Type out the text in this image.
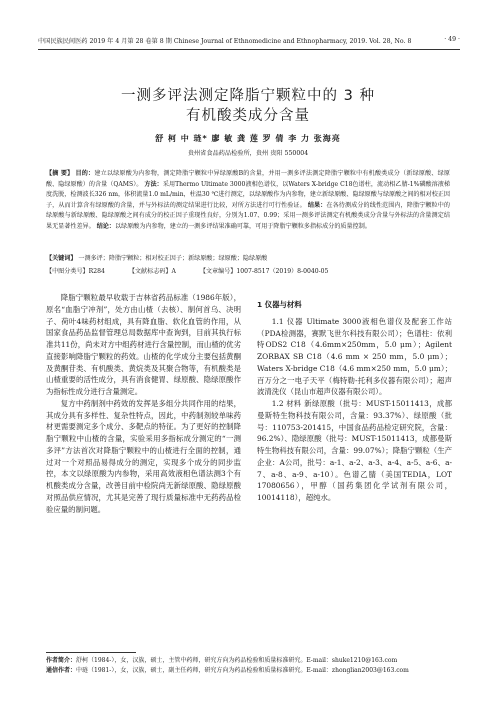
中国民族民间医药 2019 年 4 月第 28 卷第 8 期 Chinese Journal of Ethnomedicine and Ethnopharmacy, 2019. Vol. 28, No. 8	· 49 ·
一测多评法测定降脂宁颗粒中的 3 种
有机酸类成分含量
舒 柯 中 琏* 廖 敏 龚 莲 罗 倩 李 力 张海亮
贵州省食品药品检验所，贵州 贵阳 550004
【摘 要】 目的：建立以绿原酸为内参物，测定降脂宁颗粒中异绿原酸B的含量，并用一测多评法测定降脂宁颗粒中有机酸类成分（新绿原酸、绿原酸、隐绿原酸）的含量（QAMS）。 方法：采用Thermo Ultimate 3000液相色谱仪，以Waters X-bridge C18色谱柱，流动相乙腈-1%磷酸溶液梯度洗脱，检测波长326 nm，体积流量1.0 mL/min，柱温30 ℃进行测定，以绿原酸作为内参物，建立新绿原酸、隐绿原酸与绿原酸之间的相对校正因子，从而计算含有绿原酸的含量，并与外标法的测定结果进行比较，对所方法进行可行性验证。 结果：在各待测成分的线性范围内，降脂宁颗粒中的绿原酸与新绿原酸、隐绿原酸之间有成分的校正因子重现性良好，分别为1.07、0.99；采用一测多评法测定有机酸类成分含量与外标法的含量测定结果无显著性差异。 结论：以绿原酸为内参物，建立的一测多评结果准确可靠，可用于降脂宁颗粒多指标成分的质量控制。
【关键词】 一测多评；降脂宁颗粒；相对校正因子；新绿原酸；绿原酸；隐绿原酸
【中图分类号】R284	【文献标志码】A	【文章编号】1007-8517（2019）8-0040-05

降脂宁颗粒最早收载于吉林省药品标准（1986年版），原名“血脂宁冲剂”，处方由山楂（去核）、制何首乌、决明子、荷叶4味药材组成，具有降血脂、软化血管的作用，从国家食品药品监督管理总局数据库中查询到，目前其执行标准共11份，尚未对方中组药材进行含量控制，而山楂的优劣直接影响降脂宁颗粒的药效。山楂的化学成分主要包括黄酮及黄酮苷类、有机酸类、黄烷类及其聚合物等，有机酸类是山楂重要的活性成分，具有消食健胃、绿原酸、隐绿原酸作为指标性成分进行含量测定。

复方中药制剂中药效的发挥是多组分共同作用的结果，其成分具有多样性、复杂性特点，因此，中药制剂较单味药材更需要测定多个成分、多靶点的特征。为了更好的控制降脂宁颗粒中山楂的含量，实验采用多指标成分测定的“一测多评”方法首次对降脂宁颗粒中的山楂进行全面的控制，通过对一个对照品易得成分的测定，实现多个成分的同步监控，本文以绿原酸为内参物，采用高效液相色谱法测3个有机酸类成分含量，改善目前中检院尚无新绿原酸、隐绿原酸对照品供应情况，尤其是完善了现行质量标准中无药药品检验应量的制问题。

1 仪器与材料

1.1 仪器 Ultimate 3000液相色谱仪及配套工作站（PDA检测器，赛默飞世尔科技有限公司）；色谱柱：依利特ODS2 C18（4.6mm×250mm，5.0 μm）；Agilent ZORBAX SB C18（4.6 mm × 250 mm，5.0 μm）；Waters X-bridge C18（4.6 mm×250 mm，5.0 μm）；百万分之一电子天平（梅特勒-托利多仪器有限公司）；超声波清洗仪（昆山市超声仪器有限公司）。

1.2 材料 新绿原酸（批号：MUST-15011413，成都曼斯特生物科技有限公司，含量：93.37%）、绿原酸（批号：110753-201415，中国食品药品检定研究院，含量：96.2%）、隐绿原酸（批号：MUST-15011413，成都曼斯特生物科技有限公司，含量：99.07%）；降脂宁颗粒（生产企业：A公司，批号：a-1、a-2、a-3、a-4、a-5、a-6、a-7、a-8、a-9、a-10）。色谱乙腈（美国TEDIA，LOT 17080656），甲醇（国药集团化学试剂有限公司，10014118），超纯水。

作者简介：舒柯（1984-），女，汉族，硕士，主管中药师，研究方向为药品检验和质量标准研究。E-mail：shuke1210@163.com
通信作者：中琏（1981-），女，汉族，硕士，副主任药师，研究方向为药品检验和质量标准研究。E-mail：zhonglian2003@163.com
